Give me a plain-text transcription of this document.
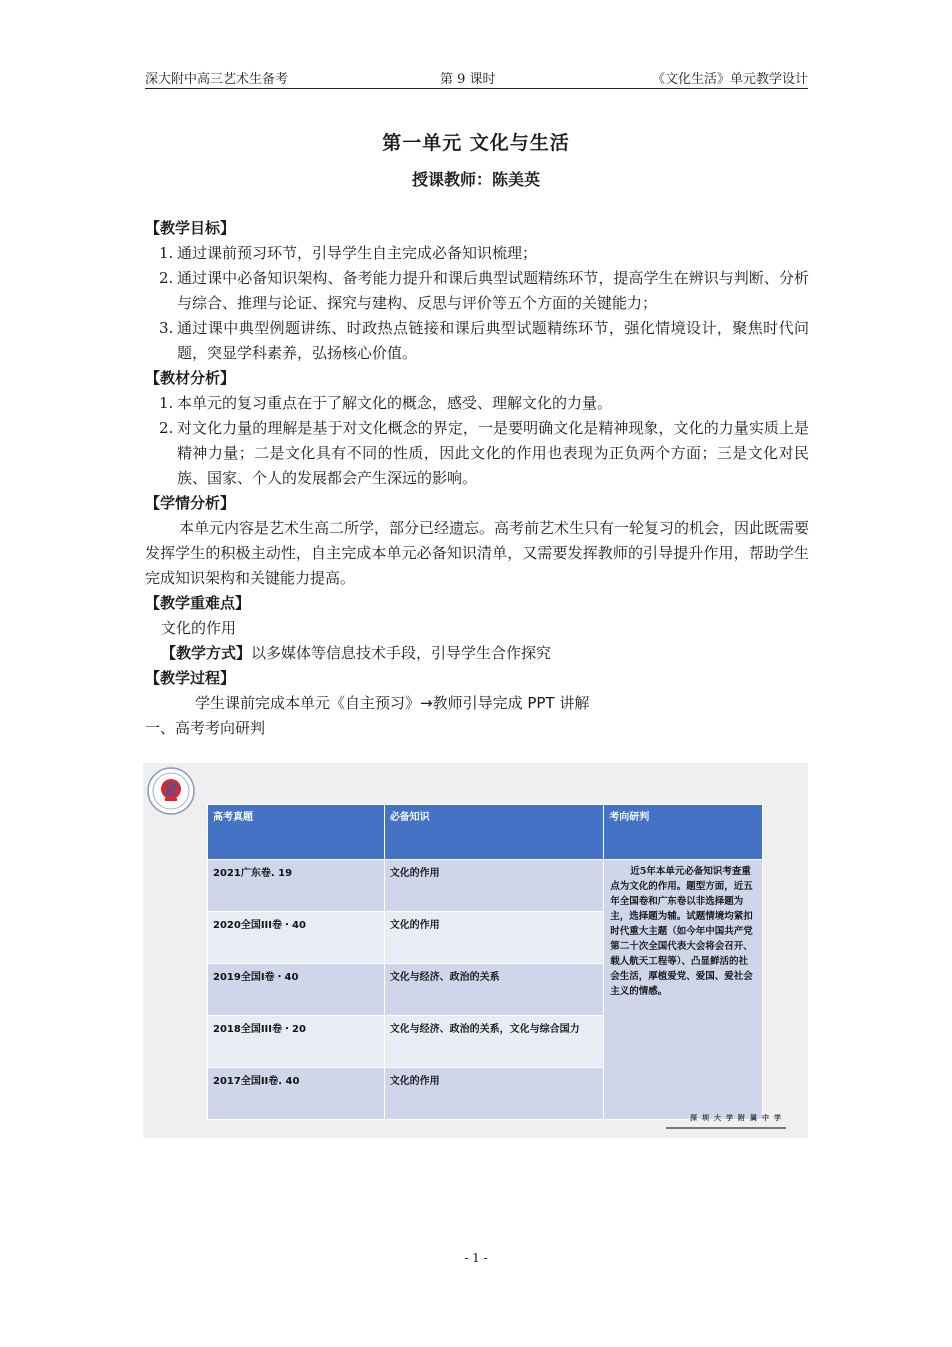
深大附中高三艺术生备考	第 9 课时	《文化生活》单元教学设计
第一单元 文化与生活
授课教师：陈美英
【教学目标】
1. 通过课前预习环节，引导学生自主完成必备知识梳理；
2. 通过课中必备知识架构、备考能力提升和课后典型试题精练环节，提高学生在辨识与判断、分析与综合、推理与论证、探究与建构、反思与评价等五个方面的关键能力；
3. 通过课中典型例题讲练、时政热点链接和课后典型试题精练环节，强化情境设计，聚焦时代问题，突显学科素养，弘扬核心价值。
【教材分析】
1. 本单元的复习重点在于了解文化的概念，感受、理解文化的力量。
2. 对文化力量的理解是基于对文化概念的界定，一是要明确文化是精神现象，文化的力量实质上是精神力量；二是文化具有不同的性质，因此文化的作用也表现为正负两个方面；三是文化对民族、国家、个人的发展都会产生深远的影响。
【学情分析】
本单元内容是艺术生高二所学，部分已经遗忘。高考前艺术生只有一轮复习的机会，因此既需要发挥学生的积极主动性，自主完成本单元必备知识清单，又需要发挥教师的引导提升作用，帮助学生完成知识架构和关键能力提高。
【教学重难点】
文化的作用
【教学方式】以多媒体等信息技术手段，引导学生合作探究
【教学过程】
学生课前完成本单元《自主预习》→教师引导完成 PPT 讲解
一、高考考向研判
高考真题	必备知识	考向研判
2021广东卷. 19	文化的作用	近5年本单元必备知识考查重点为文化的作用。题型方面，近五年全国卷和广东卷以非选择题为主，选择题为辅。试题情境均紧扣时代重大主题（如今年中国共产党第二十次全国代表大会将会召开、载人航天工程等）、凸显鲜活的社会生活，厚植爱党、爱国、爱社会主义的情感。
2020全国III卷・40	文化的作用	
2019全国I卷・40	文化与经济、政治的关系	
2018全国III卷・20	文化与经济、政治的关系，文化与综合国力	
2017全国II卷. 40	文化的作用	
深圳大学附属中学
- 1 -
